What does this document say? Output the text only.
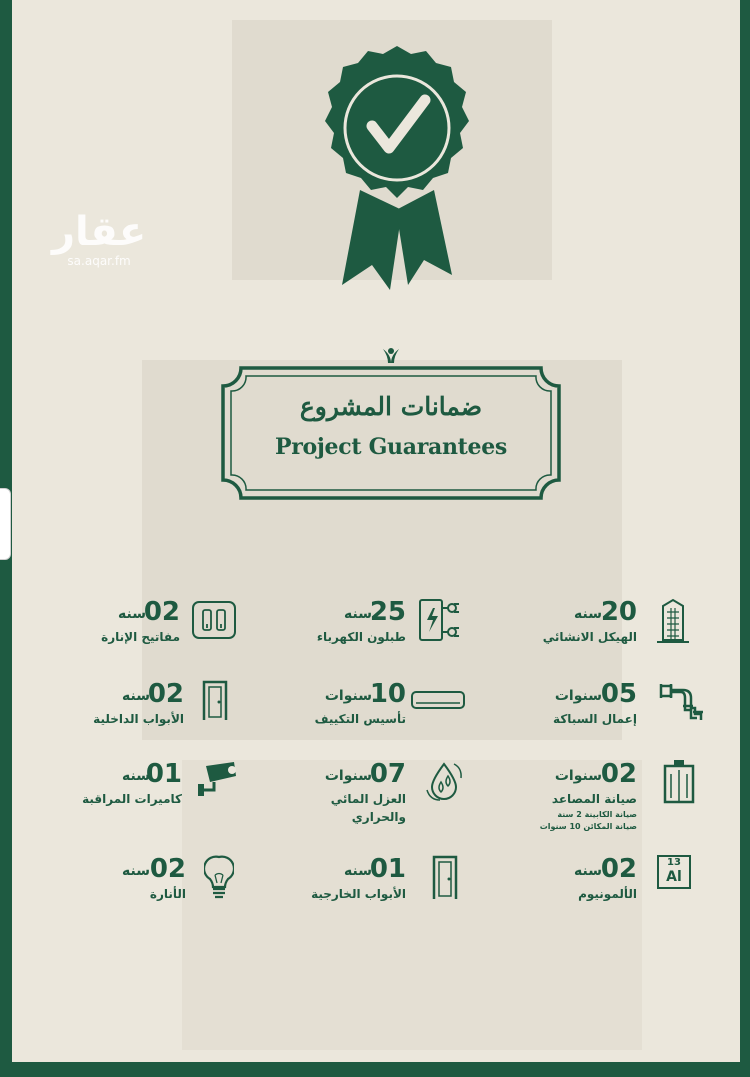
عقار
sa.aqar.fm
ضمانات المشروع
Project Guarantees
20
سنه
الهيكل الانشائي
25
سنه
طبلون الكهرباء
02
سنه
مفاتيح الإنارة
05
سنوات
إعمال السباكة
10
سنوات
تأسيس التكييف
02
سنه
الأبواب الداخلية
02
سنوات
صيانة المصاعد
صيانة الكابينة 2 سنة
صيانة المكائن 10 سنوات
07
سنوات
العزل المائي
والحراري
01
سنه
كاميرات المراقبة
13
Al
02
سنه
الألمونيوم
01
سنه
الأبواب الخارجية
02
سنه
الأنارة
